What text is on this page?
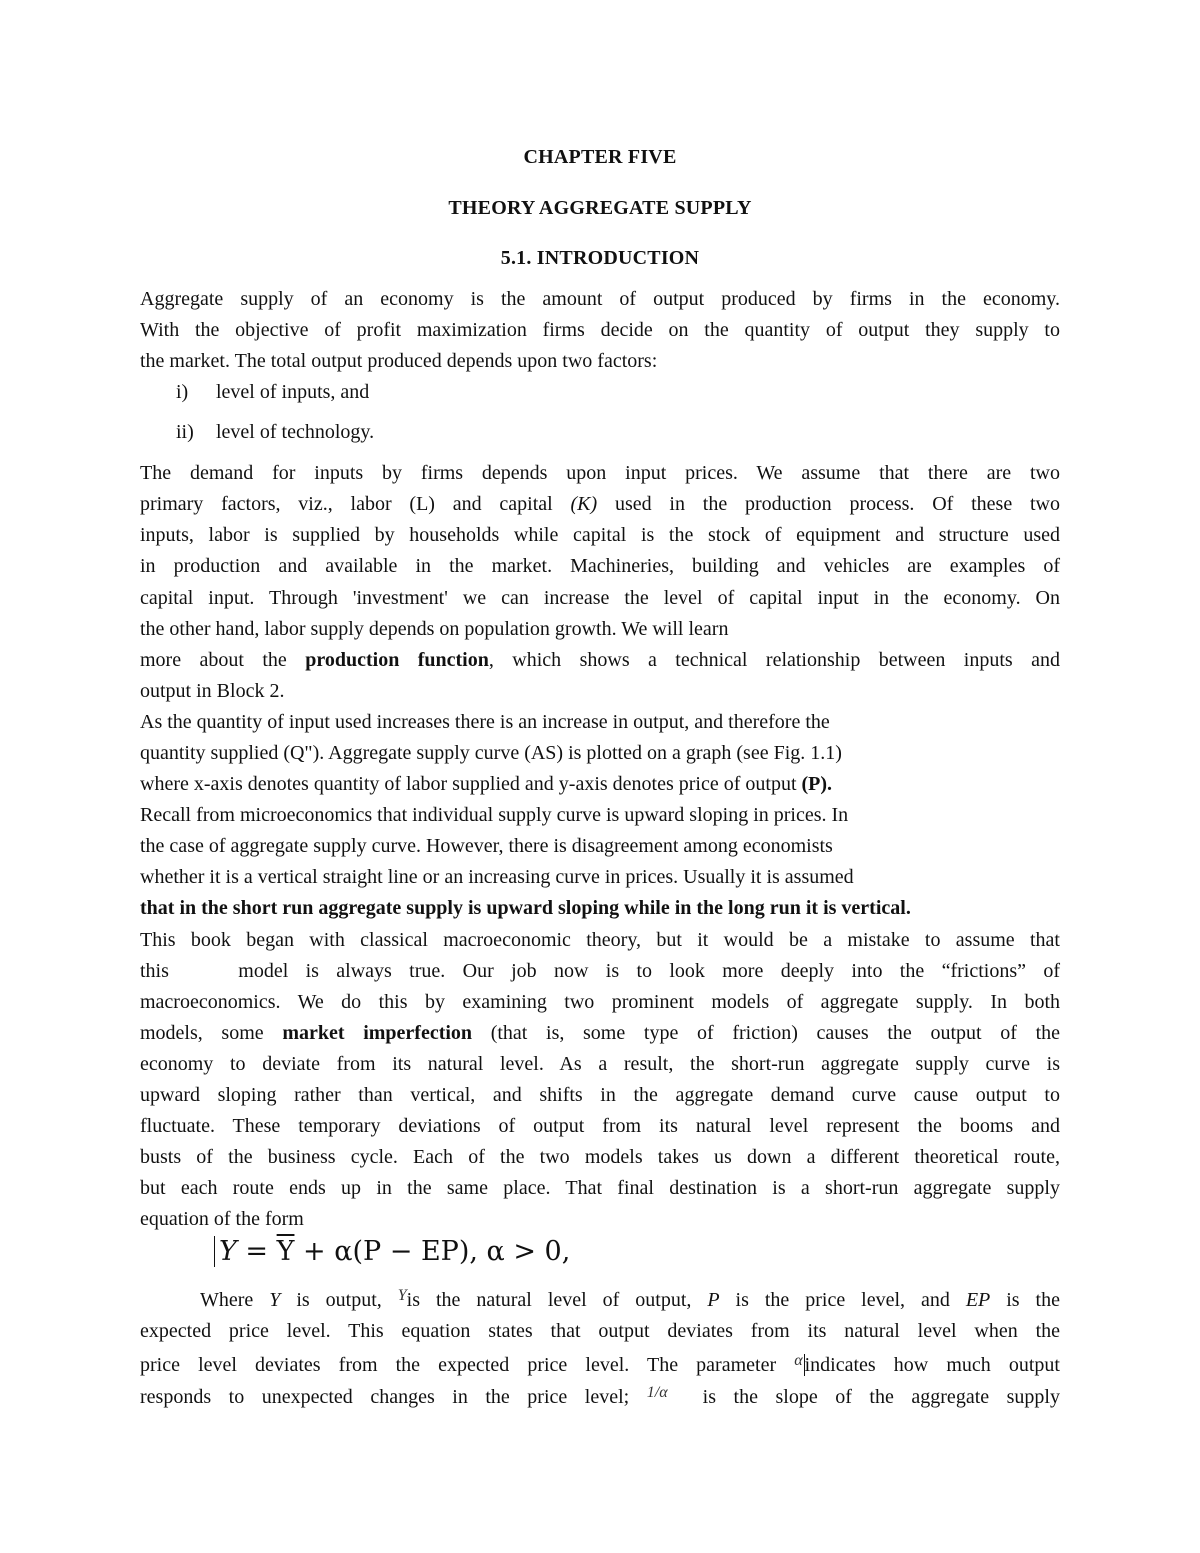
CHAPTER FIVE
THEORY AGGREGATE SUPPLY
5.1. INTRODUCTION
Aggregate supply of an economy is the amount of output produced by firms in the economy.
With the objective of profit maximization firms decide on the quantity of output they supply to
the market. The total output produced depends upon two factors:
i) level of inputs, and
ii) level of technology.
The demand for inputs by firms depends upon input prices. We assume that there are two
primary factors, viz., labor (L) and capital (K) used in the production process. Of these two
inputs, labor is supplied by households while capital is the stock of equipment and structure used
in production and available in the market. Machineries, building and vehicles are examples of
capital input. Through 'investment' we can increase the level of capital input in the economy. On
the other hand, labor supply depends on population growth. We will learn
more about the production function, which shows a technical relationship between inputs and
output in Block 2.
As the quantity of input used increases there is an increase in output, and therefore the
quantity supplied (Q"). Aggregate supply curve (AS) is plotted on a graph (see Fig. 1.1)
where x-axis denotes quantity of labor supplied and y-axis denotes price of output (P).
Recall from microeconomics that individual supply curve is upward sloping in prices. In
the case of aggregate supply curve. However, there is disagreement among economists
whether it is a vertical straight line or an increasing curve in prices. Usually it is assumed
that in the short run aggregate supply is upward sloping while in the long run it is vertical.
This book began with classical macroeconomic theory, but it would be a mistake to assume that
this    model is always true. Our job now is to look more deeply into the “frictions” of
macroeconomics. We do this by examining two prominent models of aggregate supply. In both
models, some market imperfection (that is, some type of friction) causes the output of the
economy to deviate from its natural level. As a result, the short-run aggregate supply curve is
upward sloping rather than vertical, and shifts in the aggregate demand curve cause output to
fluctuate. These temporary deviations of output from its natural level represent the booms and
busts of the business cycle. Each of the two models takes us down a different theoretical route,
but each route ends up in the same place. That final destination is a short-run aggregate supply
equation of the form
$Y = \overline{Y} + \alpha(P - EP)$, α > 0,
Where Y is output, $^Y$is the natural level of output, P is the price level, and EP is the
expected price level. This equation states that output deviates from its natural level when the
price level deviates from the expected price level. The parameter $^\alpha$ indicates how much output
responds to unexpected changes in the price level; $^{1/\alpha}$  is the slope of the aggregate supply
